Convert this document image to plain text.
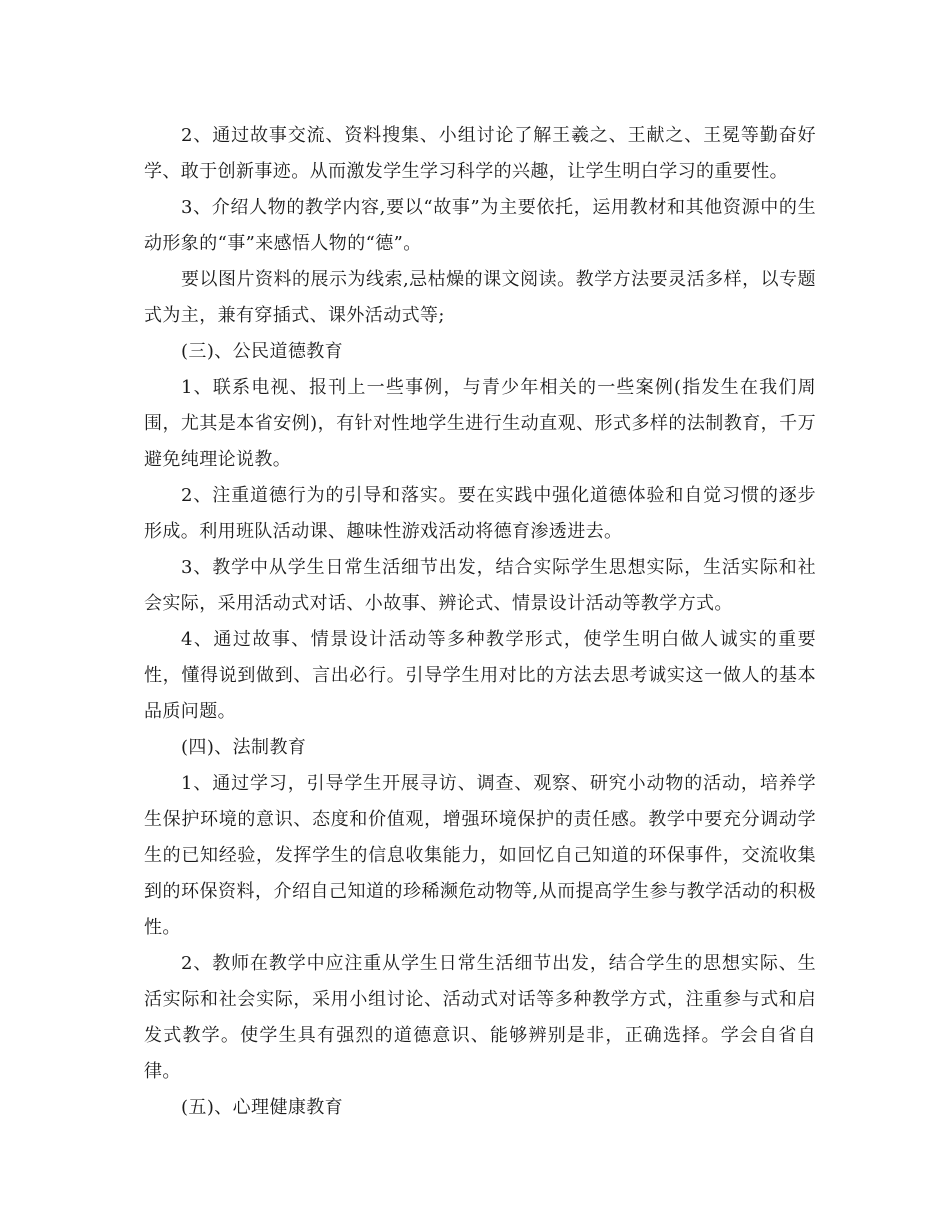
2、通过故事交流、资料搜集、小组讨论了解王羲之、王献之、王冕等勤奋好学、敢于创新事迹。从而激发学生学习科学的兴趣，让学生明白学习的重要性。

3、介绍人物的教学内容,要以“故事”为主要依托，运用教材和其他资源中的生动形象的“事”来感悟人物的“德”。

要以图片资料的展示为线索,忌枯燥的课文阅读。教学方法要灵活多样，以专题式为主，兼有穿插式、课外活动式等;

(三)、公民道德教育

1、联系电视、报刊上一些事例，与青少年相关的一些案例(指发生在我们周围，尤其是本省安例)，有针对性地学生进行生动直观、形式多样的法制教育，千万避免纯理论说教。

2、注重道德行为的引导和落实。要在实践中强化道德体验和自觉习惯的逐步形成。利用班队活动课、趣味性游戏活动将德育渗透进去。

3、教学中从学生日常生活细节出发，结合实际学生思想实际，生活实际和社会实际，采用活动式对话、小故事、辨论式、情景设计活动等教学方式。

4、通过故事、情景设计活动等多种教学形式，使学生明白做人诚实的重要性，懂得说到做到、言出必行。引导学生用对比的方法去思考诚实这一做人的基本品质问题。

(四)、法制教育

1、通过学习，引导学生开展寻访、调查、观察、研究小动物的活动，培养学生保护环境的意识、态度和价值观，增强环境保护的责任感。教学中要充分调动学生的已知经验，发挥学生的信息收集能力，如回忆自己知道的环保事件，交流收集到的环保资料，介绍自己知道的珍稀濒危动物等,从而提高学生参与教学活动的积极性。

2、教师在教学中应注重从学生日常生活细节出发，结合学生的思想实际、生活实际和社会实际，采用小组讨论、活动式对话等多种教学方式，注重参与式和启发式教学。使学生具有强烈的道德意识、能够辨别是非，正确选择。学会自省自律。

(五)、心理健康教育
